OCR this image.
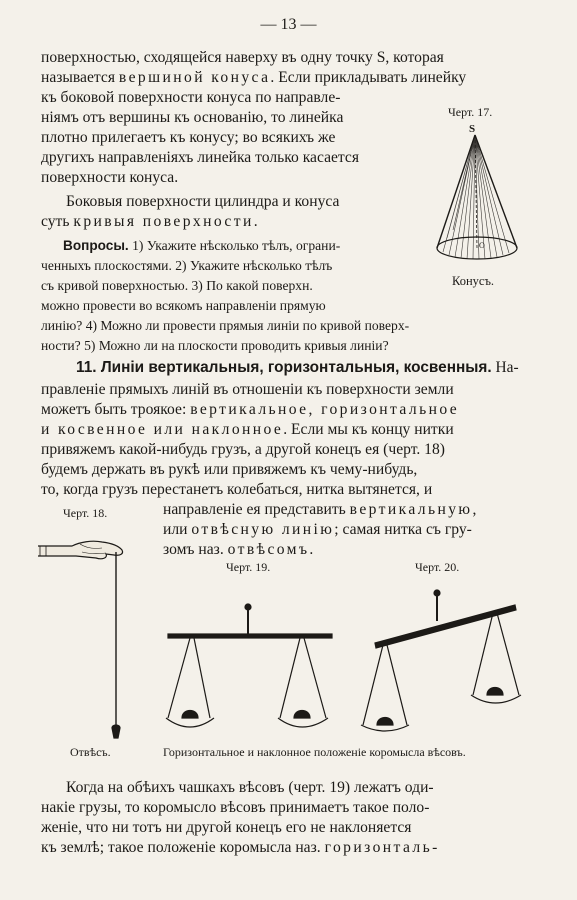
— 13 —
поверхностью, сходящейся наверху въ одну точку S, которая
называется вершиной конуса. Если прикладывать линейку
къ боковой поверхности конуса по направле-
ніямъ отъ вершины къ основанію, то линейка
плотно прилегаетъ къ конусу; во всякихъ же
другихъ направленіяхъ линейка только касается
поверхности конуса.
Боковыя поверхности цилиндра и конуса
суть кривыя поверхности.
Вопросы. 1) Укажите нѣсколько тѣлъ, ограни-
ченныхъ плоскостями. 2) Укажите нѣсколько тѣлъ
съ кривой поверхностью. 3) По какой поверхн.
можно провести во всякомъ направленіи прямую
линію? 4) Можно ли провести прямыя линіи по кривой поверх-
ности? 5) Можно ли на плоскости проводить кривыя линіи?
Черт. 17.
S
O
Конусъ.
11. Линіи вертикальныя, горизонтальныя, косвенныя. На-
правленіе прямыхъ линій въ отношеніи къ поверхности земли
можетъ быть троякое: вертикальное, горизонтальное
и косвенное или наклонное. Если мы къ концу нитки
привяжемъ какой-нибудь грузъ, а другой конецъ ея (черт. 18)
будемъ держать въ рукѣ или привяжемъ къ чему-нибудь,
то, когда грузъ перестанетъ колебаться, нитка вытянется, и
направленіе ея представить вертикальную,
или отвѣсную линію; самая нитка съ гру-
зомъ наз. отвѣсомъ.
Черт. 18.
Отвѣсъ.
Черт. 19.	Черт. 20.
Горизонтальное и наклонное положеніе коромысла вѣсовъ.
Когда на обѣихъ чашкахъ вѣсовъ (черт. 19) лежатъ оди-
накіе грузы, то коромысло вѣсовъ принимаетъ такое поло-
женіе, что ни тотъ ни другой конецъ его не наклоняется
къ землѣ; такое положеніе коромысла наз. горизонталь-
